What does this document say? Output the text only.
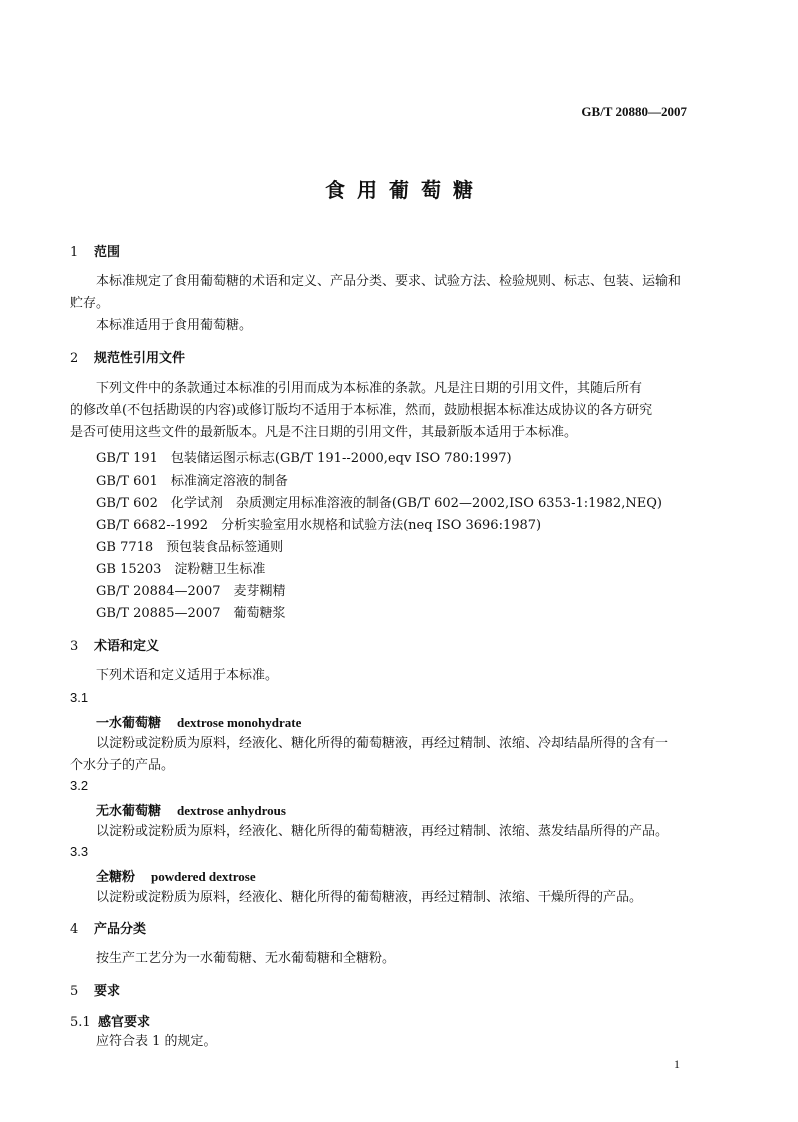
GB/T 20880—2007
食用葡萄糖
1 范围
本标准规定了食用葡萄糖的术语和定义、产品分类、要求、试验方法、检验规则、标志、包装、运输和
贮存。
本标准适用于食用葡萄糖。
2 规范性引用文件
下列文件中的条款通过本标准的引用而成为本标准的条款。凡是注日期的引用文件，其随后所有
的修改单(不包括勘误的内容)或修订版均不适用于本标准，然而，鼓励根据本标准达成协议的各方研究
是否可使用这些文件的最新版本。凡是不注日期的引用文件，其最新版本适用于本标准。
GB/T 191　包装储运图示标志(GB/T 191--2000,eqv ISO 780:1997)
GB/T 601　标准滴定溶液的制备
GB/T 602　化学试剂　杂质测定用标准溶液的制备(GB/T 602—2002,ISO 6353-1:1982,NEQ)
GB/T 6682--1992　分析实验室用水规格和试验方法(neq ISO 3696:1987)
GB 7718　预包装食品标签通则
GB 15203　淀粉糖卫生标准
GB/T 20884—2007　麦芽糊精
GB/T 20885—2007　葡萄糖浆
3 术语和定义
下列术语和定义适用于本标准。
3.1
一水葡萄糖 dextrose monohydrate
以淀粉或淀粉质为原料，经液化、糖化所得的葡萄糖液，再经过精制、浓缩、冷却结晶所得的含有一
个水分子的产品。
3.2
无水葡萄糖 dextrose anhydrous
以淀粉或淀粉质为原料，经液化、糖化所得的葡萄糖液，再经过精制、浓缩、蒸发结晶所得的产品。
3.3
全糖粉 powdered dextrose
以淀粉或淀粉质为原料，经液化、糖化所得的葡萄糖液，再经过精制、浓缩、干燥所得的产品。
4 产品分类
按生产工艺分为一水葡萄糖、无水葡萄糖和全糖粉。
5 要求
5.1 感官要求
应符合表 1 的规定。
1
